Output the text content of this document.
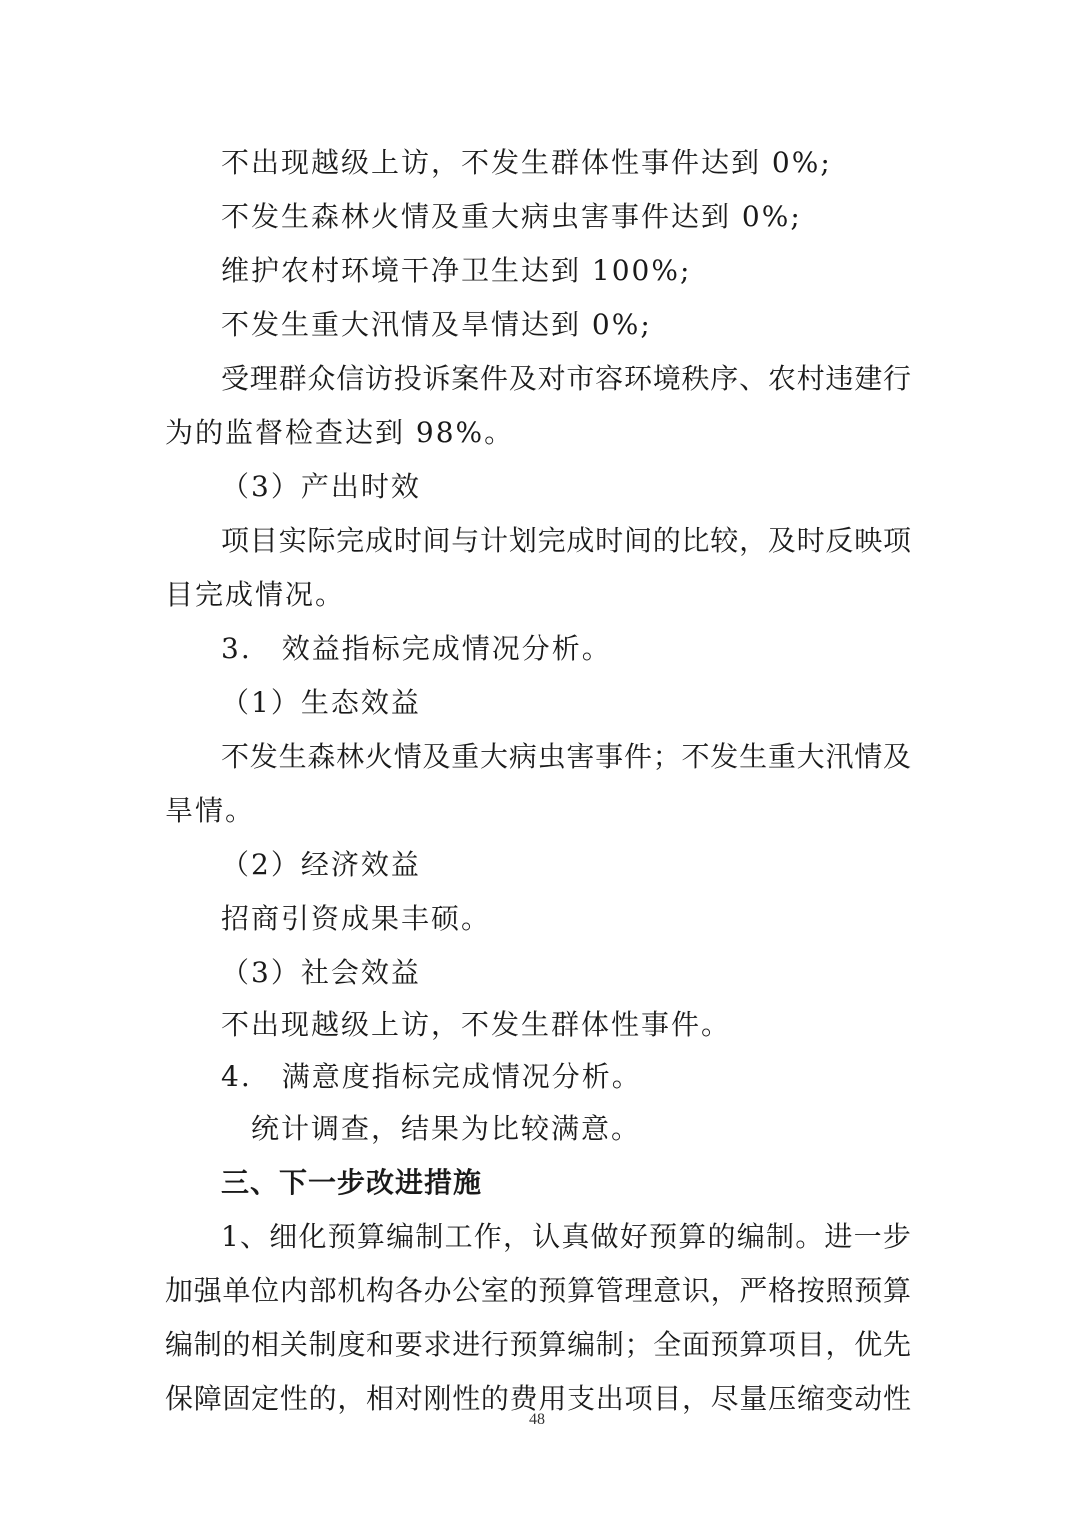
不出现越级上访，不发生群体性事件达到 0%;
不发生森林火情及重大病虫害事件达到 0%;
维护农村环境干净卫生达到 100%;
不发生重大汛情及旱情达到 0%;
受 理 群 众 信 访 投 诉 案 件 及 对 市 容 环 境 秩 序 、 农 村 违 建 行
为的监督检查达到 98%。
（3）产出时效
项 目 实 际 完 成 时 间 与 计 划 完 成 时 间 的 比 较 ， 及 时 反 映 项
目完成情况。
3.　效益指标完成情况分析。
（1）生态效益
不 发 生 森 林 火 情 及 重 大 病 虫 害 事 件 ； 不 发 生 重 大 汛 情 及
旱情。
（2）经济效益
招商引资成果丰硕。
（3）社会效益
不出现越级上访，不发生群体性事件。
4.　满意度指标完成情况分析。
统计调查，结果为比较满意。
三、下一步改进措施
1 、 细 化 预 算 编 制 工 作 ， 认 真 做 好 预 算 的 编 制 。 进 一 步
加 强 单 位 内 部 机 构 各 办 公 室 的 预 算 管 理 意 识 ， 严 格 按 照 预 算
编 制 的 相 关 制 度 和 要 求 进 行 预 算 编 制 ； 全 面 预 算 项 目 ， 优 先
保 障 固 定 性 的 ， 相 对 刚 性 的 费 用 支 出 项 目 ， 尽 量 压 缩 变 动 性
48
